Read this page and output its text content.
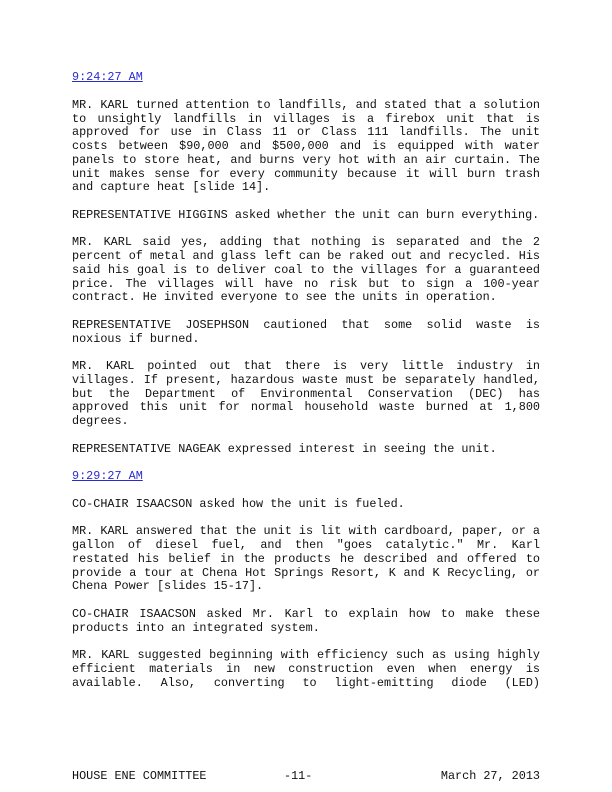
9:24:27 AM

MR. KARL turned attention to landfills, and stated that a solution to unsightly landfills in villages is a firebox unit that is approved for use in Class 11 or Class 111 landfills. The unit costs between $90,000 and $500,000 and is equipped with water panels to store heat, and burns very hot with an air curtain. The unit makes sense for every community because it will burn trash and capture heat [slide 14].

REPRESENTATIVE HIGGINS asked whether the unit can burn everything.

MR. KARL said yes, adding that nothing is separated and the 2 percent of metal and glass left can be raked out and recycled. His said his goal is to deliver coal to the villages for a guaranteed price. The villages will have no risk but to sign a 100-year contract. He invited everyone to see the units in operation.

REPRESENTATIVE JOSEPHSON cautioned that some solid waste is noxious if burned.

MR. KARL pointed out that there is very little industry in villages. If present, hazardous waste must be separately handled, but the Department of Environmental Conservation (DEC) has approved this unit for normal household waste burned at 1,800 degrees.

REPRESENTATIVE NAGEAK expressed interest in seeing the unit.

9:29:27 AM

CO-CHAIR ISAACSON asked how the unit is fueled.

MR. KARL answered that the unit is lit with cardboard, paper, or a gallon of diesel fuel, and then "goes catalytic." Mr. Karl restated his belief in the products he described and offered to provide a tour at Chena Hot Springs Resort, K and K Recycling, or Chena Power [slides 15-17].

CO-CHAIR ISAACSON asked Mr. Karl to explain how to make these products into an integrated system.

MR. KARL suggested beginning with efficiency such as using highly efficient materials in new construction even when energy is available. Also, converting to light-emitting diode (LED)

HOUSE ENE COMMITTEE	-11-	March 27, 2013
